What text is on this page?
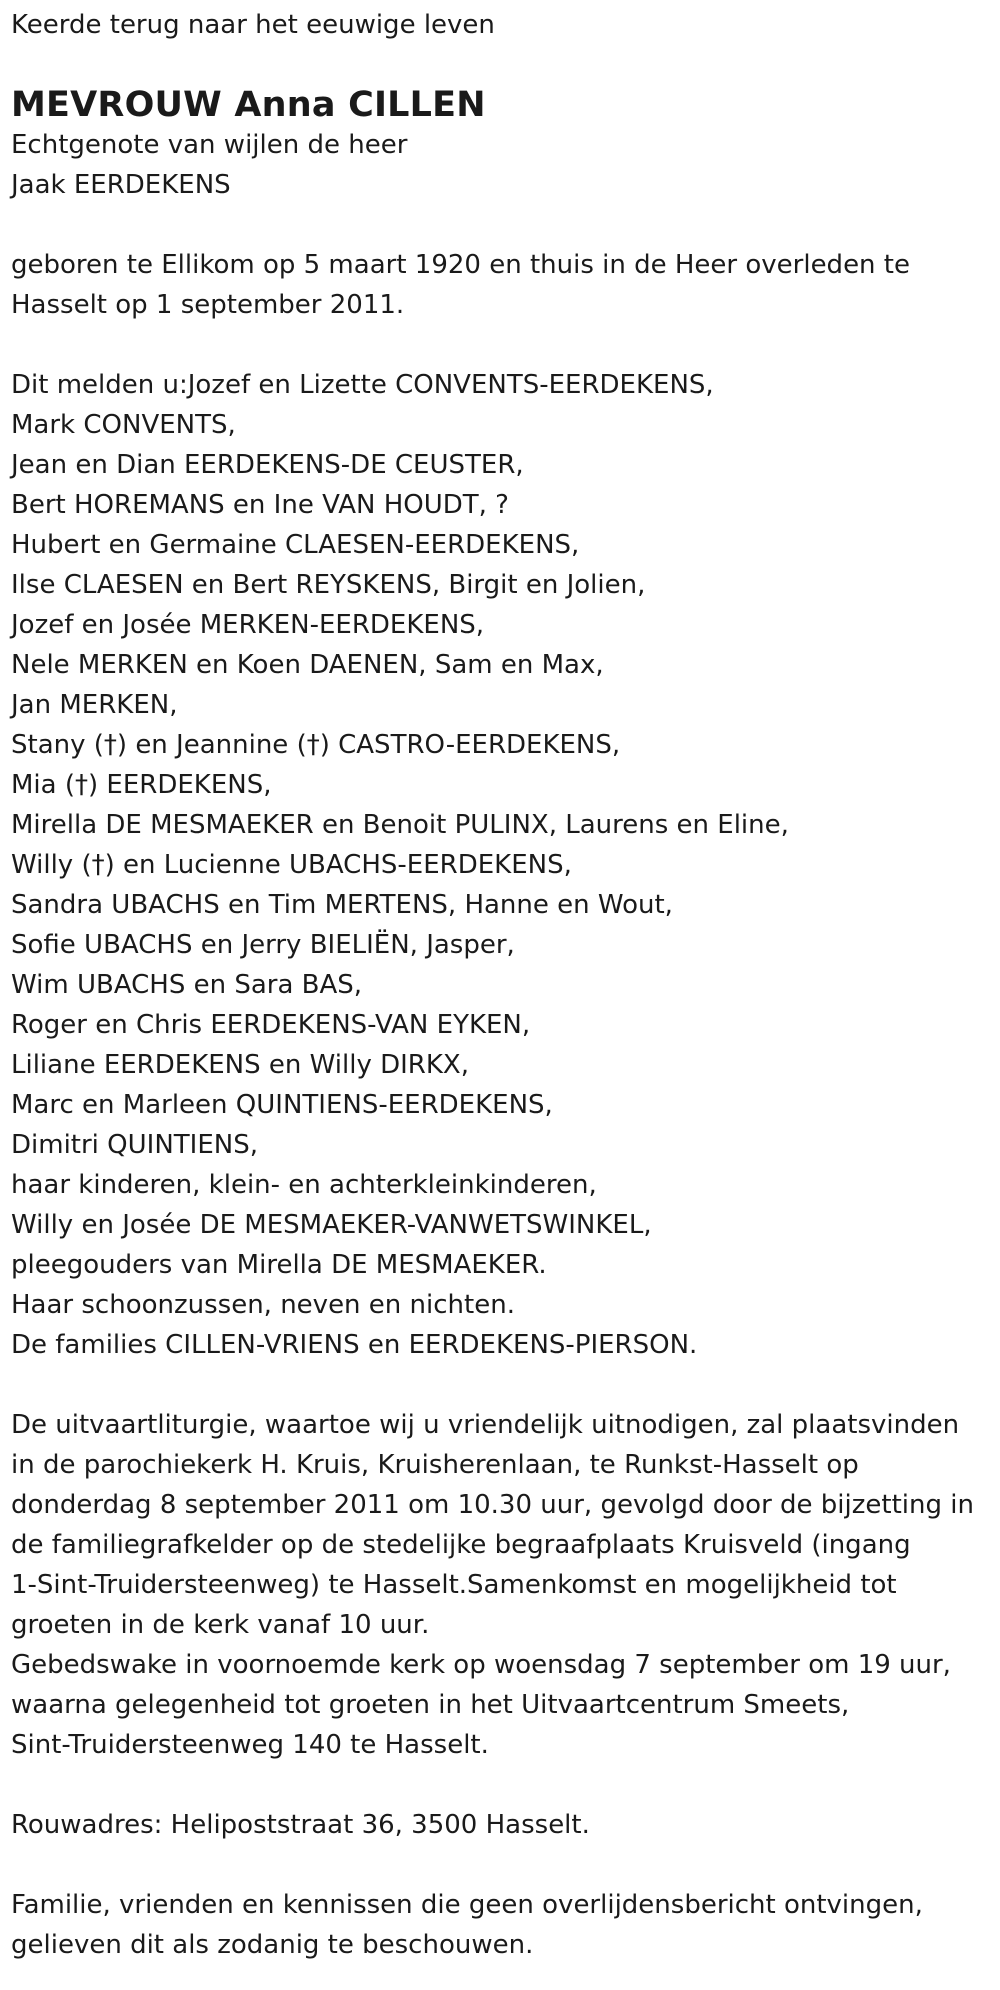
Keerde terug naar het eeuwige leven
MEVROUW Anna CILLEN
Echtgenote van wijlen de heer
Jaak EERDEKENS
geboren te Ellikom op 5 maart 1920 en thuis in de Heer overleden te
Hasselt op 1 september 2011.
Dit melden u:Jozef en Lizette CONVENTS-EERDEKENS,
Mark CONVENTS,
Jean en Dian EERDEKENS-DE CEUSTER,
Bert HOREMANS en Ine VAN HOUDT, ?
Hubert en Germaine CLAESEN-EERDEKENS,
Ilse CLAESEN en Bert REYSKENS, Birgit en Jolien,
Jozef en Josée MERKEN-EERDEKENS,
Nele MERKEN en Koen DAENEN, Sam en Max,
Jan MERKEN,
Stany (†) en Jeannine (†) CASTRO-EERDEKENS,
Mia (†) EERDEKENS,
Mirella DE MESMAEKER en Benoit PULINX, Laurens en Eline,
Willy (†) en Lucienne UBACHS-EERDEKENS,
Sandra UBACHS en Tim MERTENS, Hanne en Wout,
Sofie UBACHS en Jerry BIELIËN, Jasper,
Wim UBACHS en Sara BAS,
Roger en Chris EERDEKENS-VAN EYKEN,
Liliane EERDEKENS en Willy DIRKX,
Marc en Marleen QUINTIENS-EERDEKENS,
Dimitri QUINTIENS,
haar kinderen, klein- en achterkleinkinderen,
Willy en Josée DE MESMAEKER-VANWETSWINKEL,
pleegouders van Mirella DE MESMAEKER.
Haar schoonzussen, neven en nichten.
De families CILLEN-VRIENS en EERDEKENS-PIERSON.
De uitvaartliturgie, waartoe wij u vriendelijk uitnodigen, zal plaatsvinden
in de parochiekerk H. Kruis, Kruisherenlaan, te Runkst-Hasselt op
donderdag 8 september 2011 om 10.30 uur, gevolgd door de bijzetting in
de familiegrafkelder op de stedelijke begraafplaats Kruisveld (ingang
1-Sint-Truidersteenweg) te Hasselt.Samenkomst en mogelijkheid tot
groeten in de kerk vanaf 10 uur.
Gebedswake in voornoemde kerk op woensdag 7 september om 19 uur,
waarna gelegenheid tot groeten in het Uitvaartcentrum Smeets,
Sint-Truidersteenweg 140 te Hasselt.
Rouwadres: Helipoststraat 36, 3500 Hasselt.
Familie, vrienden en kennissen die geen overlijdensbericht ontvingen,
gelieven dit als zodanig te beschouwen.
